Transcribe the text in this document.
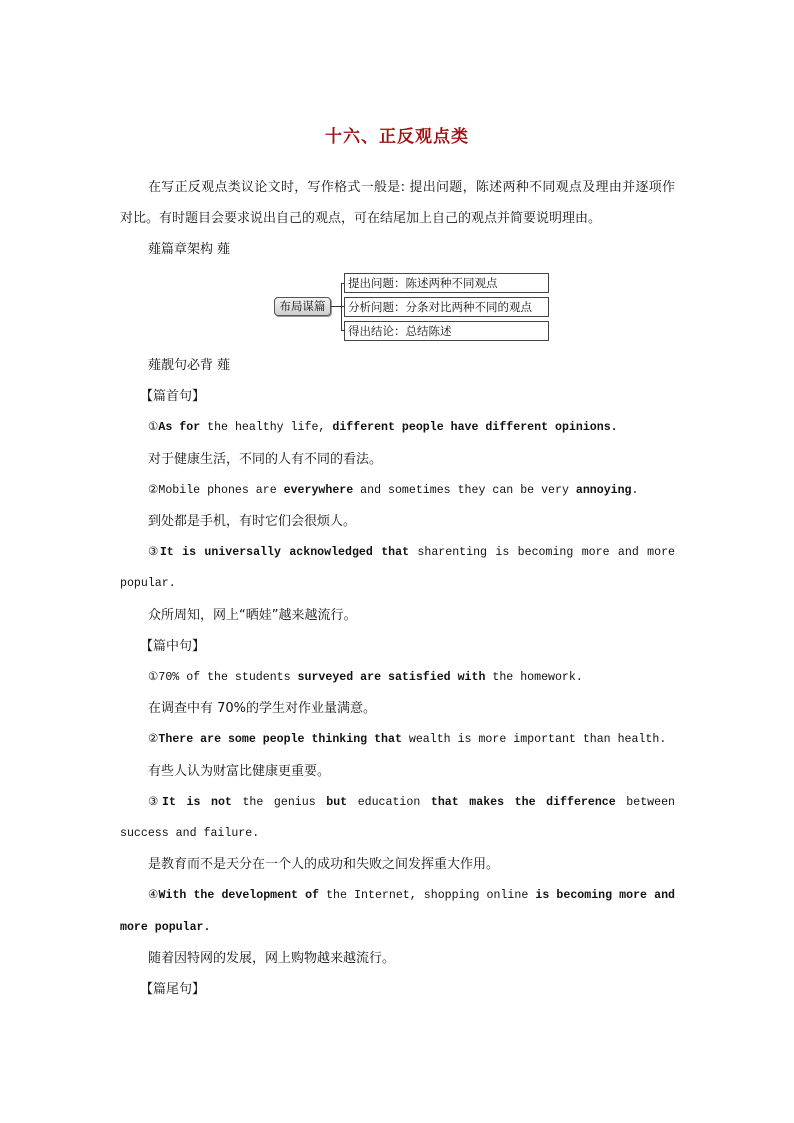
十六、正反观点类

在写正反观点类议论文时，写作格式一般是: 提出问题，陈述两种不同观点及理由并逐项作对比。有时题目会要求说出自己的观点，可在结尾加上自己的观点并简要说明理由。

薤篇章架构 薤

布局谋篇
提出问题：陈述两种不同观点
分析问题：分条对比两种不同的观点
得出结论：总结陈述

薤靓句必背 薤

【篇首句】

①As for the healthy life, different people have different opinions.

对于健康生活，不同的人有不同的看法。

②Mobile phones are everywhere and sometimes they can be very annoying.

到处都是手机，有时它们会很烦人。

③It is universally acknowledged that sharenting is becoming more and more popular.

众所周知，网上“晒娃”越来越流行。

【篇中句】

①70% of the students surveyed are satisfied with the homework.

在调查中有 70%的学生对作业量满意。

②There are some people thinking that wealth is more important than health.

有些人认为财富比健康更重要。

③It is not the genius but education that makes the difference between success and failure.

是教育而不是天分在一个人的成功和失败之间发挥重大作用。

④With the development of the Internet, shopping online is becoming more and more popular.

随着因特网的发展，网上购物越来越流行。

【篇尾句】
